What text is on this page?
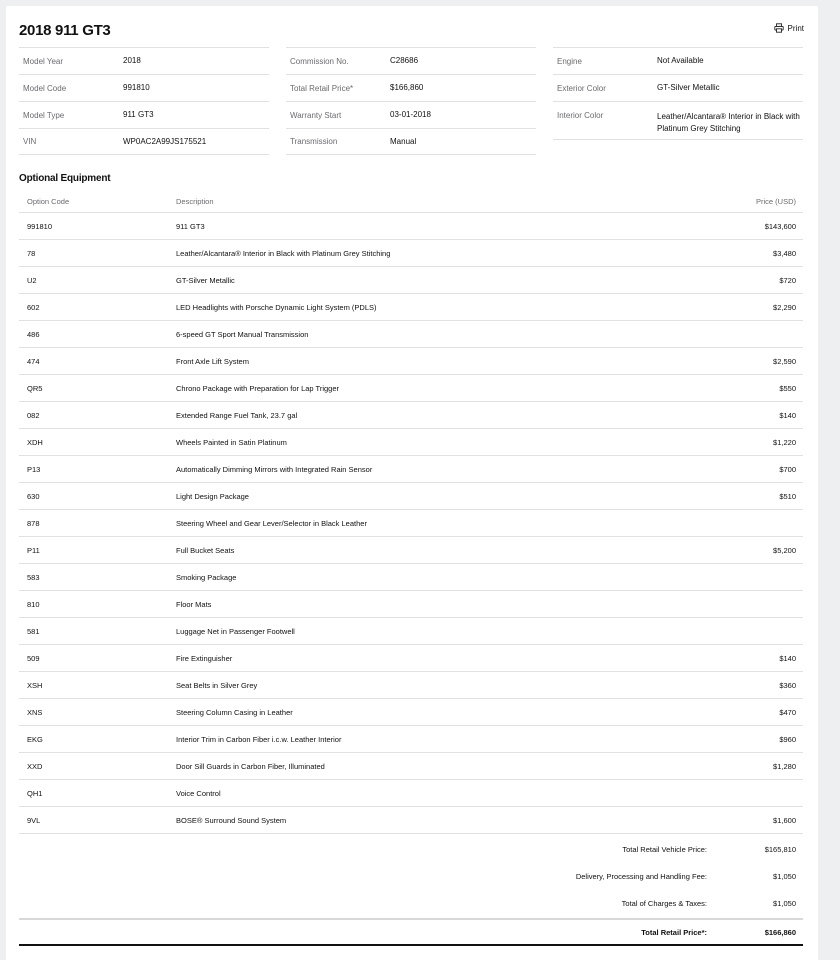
2018 911 GT3	Print
Model Year	2018
Model Code	991810
Model Type	911 GT3
VIN	WP0AC2A99JS175521
Commission No.	C28686
Total Retail Price*	$166,860
Warranty Start	03-01-2018
Transmission	Manual
Engine	Not Available
Exterior Color	GT-Silver Metallic
Interior Color	Leather/Alcantara® Interior in Black with Platinum Grey Stitching
Optional Equipment
Option Code	Description	Price (USD)
991810	911 GT3	$143,600
78	Leather/Alcantara® Interior in Black with Platinum Grey Stitching	$3,480
U2	GT-Silver Metallic	$720
602	LED Headlights with Porsche Dynamic Light System (PDLS)	$2,290
486	6-speed GT Sport Manual Transmission
474	Front Axle Lift System	$2,590
QR5	Chrono Package with Preparation for Lap Trigger	$550
082	Extended Range Fuel Tank, 23.7 gal	$140
XDH	Wheels Painted in Satin Platinum	$1,220
P13	Automatically Dimming Mirrors with Integrated Rain Sensor	$700
630	Light Design Package	$510
878	Steering Wheel and Gear Lever/Selector in Black Leather
P11	Full Bucket Seats	$5,200
583	Smoking Package
810	Floor Mats
581	Luggage Net in Passenger Footwell
509	Fire Extinguisher	$140
XSH	Seat Belts in Silver Grey	$360
XNS	Steering Column Casing in Leather	$470
EKG	Interior Trim in Carbon Fiber i.c.w. Leather Interior	$960
XXD	Door Sill Guards in Carbon Fiber, Illuminated	$1,280
QH1	Voice Control
9VL	BOSE® Surround Sound System	$1,600
Total Retail Vehicle Price:	$165,810
Delivery, Processing and Handling Fee:	$1,050
Total of Charges & Taxes:	$1,050
Total Retail Price*:	$166,860
